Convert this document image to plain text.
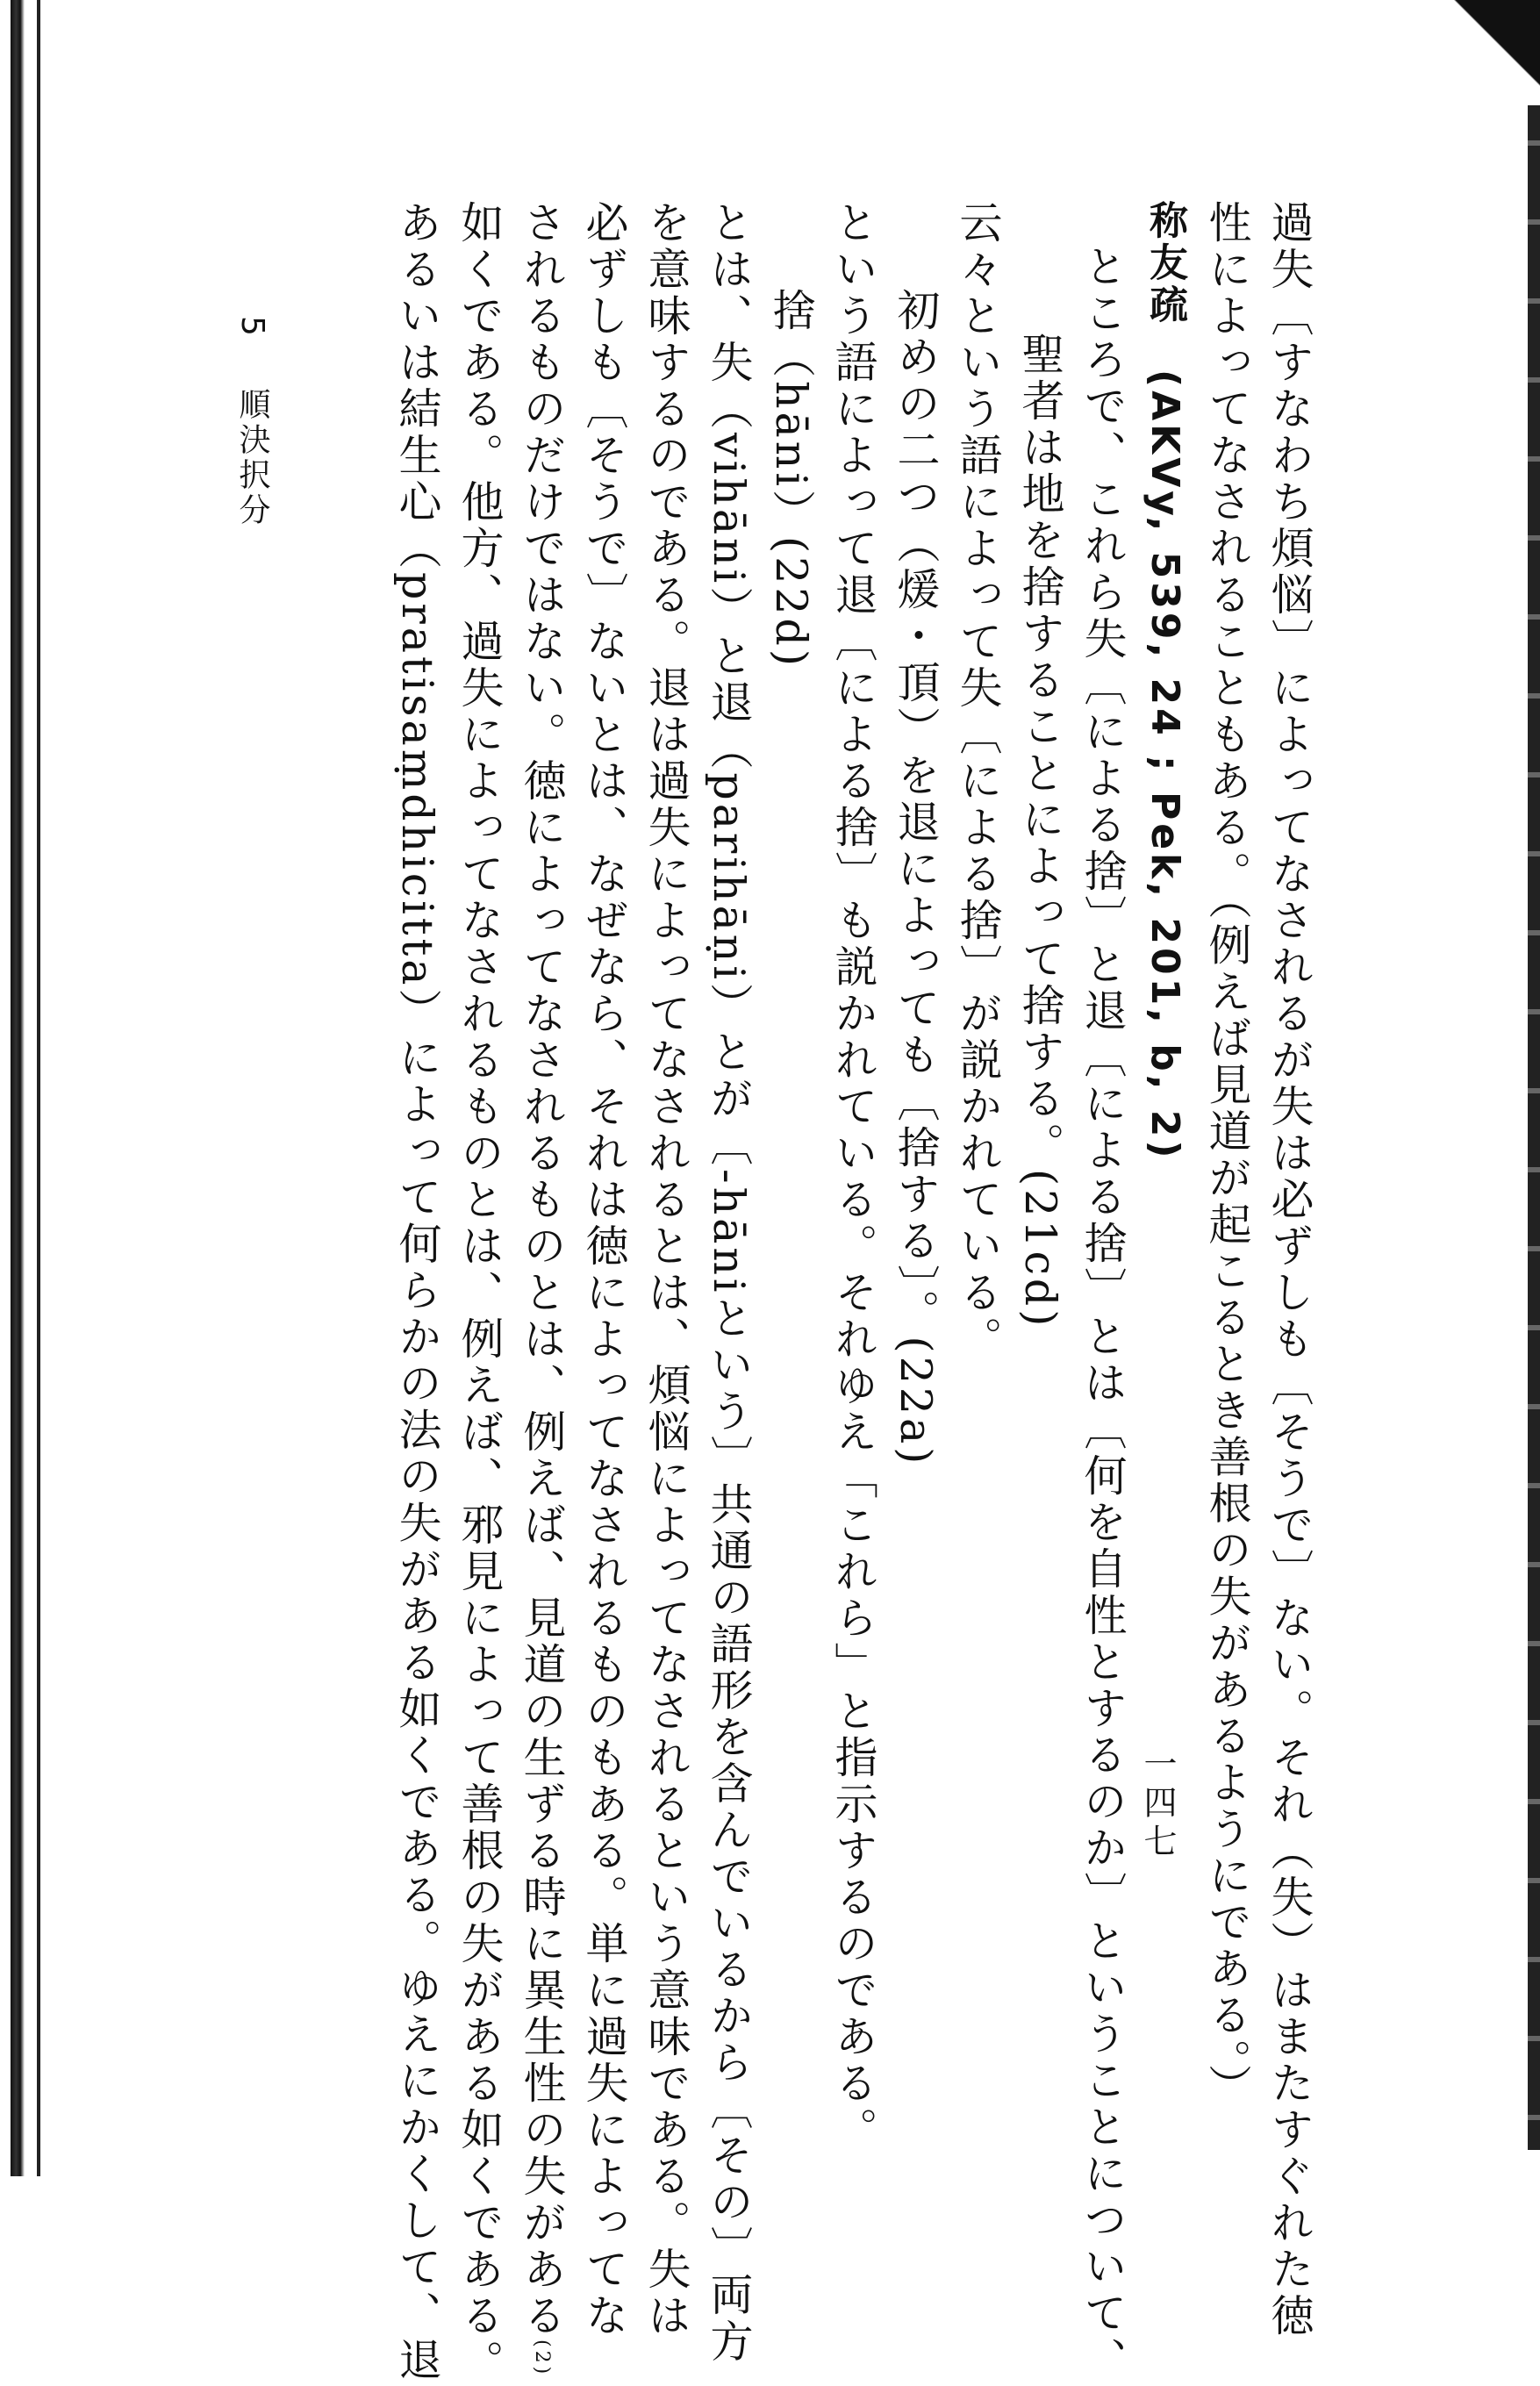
過失〔すなわち煩悩〕によってなされるが失は必ずしも〔そうで〕ない。それ（失）はまたすぐれた徳

性によってなされることもある。（例えば見道が起こるとき善根の失があるようにである。）

称友疏 (AKVy, 539, 24 ; Pek, 201, b, 2)

ところで、これら失〔による捨〕と退〔による捨〕とは〔何を自性とするのか〕ということについて、

聖者は地を捨することによって捨する。(21cd)

云々という語によって失〔による捨〕が説かれている。

初めの二つ（煖・頂）を退によっても〔捨する〕。(22a)

という語によって退〔による捨〕も説かれている。それゆえ「これら」と指示するのである。

捨（hāni）(22d)

とは、失（vihāni）と退（parihāṇi）とが〔-hāniという〕共通の語形を含んでいるから〔その〕両方

を意味するのである。退は過失によってなされるとは、煩悩によってなされるという意味である。失は

必ずしも〔そうで〕ないとは、なぜなら、それは徳によってなされるものもある。単に過失によってな

されるものだけではない。徳によってなされるものとは、例えば、見道の生ずる時に異生性の失がある(2)

如くである。他方、過失によってなされるものとは、例えば、邪見によって善根の失がある如くである。

あるいは結生心（pratisaṃdhicitta）によって何らかの法の失がある如くである。ゆえにかくして、退

5  順決択分
一四七
